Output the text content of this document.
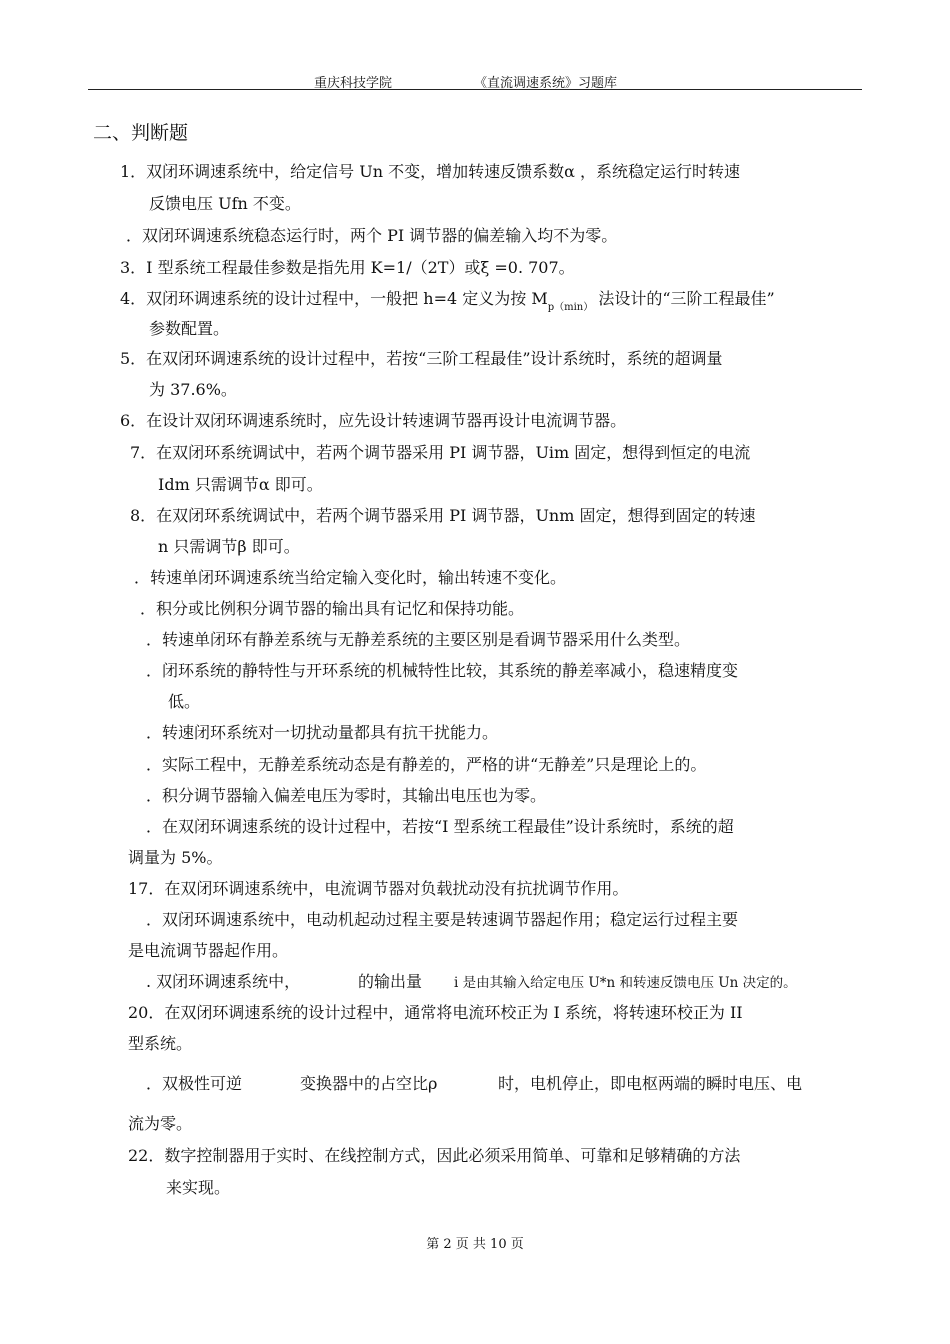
重庆科技学院	《直流调速系统》习题库
二、判断题
1．双闭环调速系统中，给定信号 Un 不变，增加转速反馈系数α ，系统稳定运行时转速
反馈电压 Ufn 不变。
．双闭环调速系统稳态运行时，两个 PI 调节器的偏差输入均不为零。
3．I 型系统工程最佳参数是指先用 K=1/（2T）或ξ =0. 707。
4．双闭环调速系统的设计过程中，一般把 h=4 定义为按 $M_{p(min)}$ 法设计的“三阶工程最佳”
参数配置。
5．在双闭环调速系统的设计过程中，若按“三阶工程最佳”设计系统时，系统的超调量
为 37.6%。
6．在设计双闭环调速系统时，应先设计转速调节器再设计电流调节器。
7．在双闭环系统调试中，若两个调节器采用 PI 调节器，Uim 固定，想得到恒定的电流
Idm 只需调节α 即可。
8．在双闭环系统调试中，若两个调节器采用 PI 调节器，Unm 固定，想得到固定的转速
n 只需调节β 即可。
．转速单闭环调速系统当给定输入变化时，输出转速不变化。
．积分或比例积分调节器的输出具有记忆和保持功能。
．转速单闭环有静差系统与无静差系统的主要区别是看调节器采用什么类型。
．闭环系统的静特性与开环系统的机械特性比较，其系统的静差率减小，稳速精度变
低。
．转速闭环系统对一切扰动量都具有抗干扰能力。
．实际工程中，无静差系统动态是有静差的，严格的讲“无静差”只是理论上的。
．积分调节器输入偏差电压为零时，其输出电压也为零。
．在双闭环调速系统的设计过程中，若按“I 型系统工程最佳”设计系统时，系统的超
调量为 5%。
17．在双闭环调速系统中，电流调节器对负载扰动没有抗扰调节作用。
．双闭环调速系统中，电动机起动过程主要是转速调节器起作用；稳定运行过程主要
是电流调节器起作用。
. 双闭环调速系统中，	的输出量 i 是由其输入给定电压 U*n 和转速反馈电压 Un 决定的。
20．在双闭环调速系统的设计过程中，通常将电流环校正为 I 系统，将转速环校正为 II
型系统。
．双极性可逆	变换器中的占空比ρ	时，电机停止，即电枢两端的瞬时电压、电
流为零。
22．数字控制器用于实时、在线控制方式，因此必须采用简单、可靠和足够精确的方法
来实现。
第 2 页 共 10 页
